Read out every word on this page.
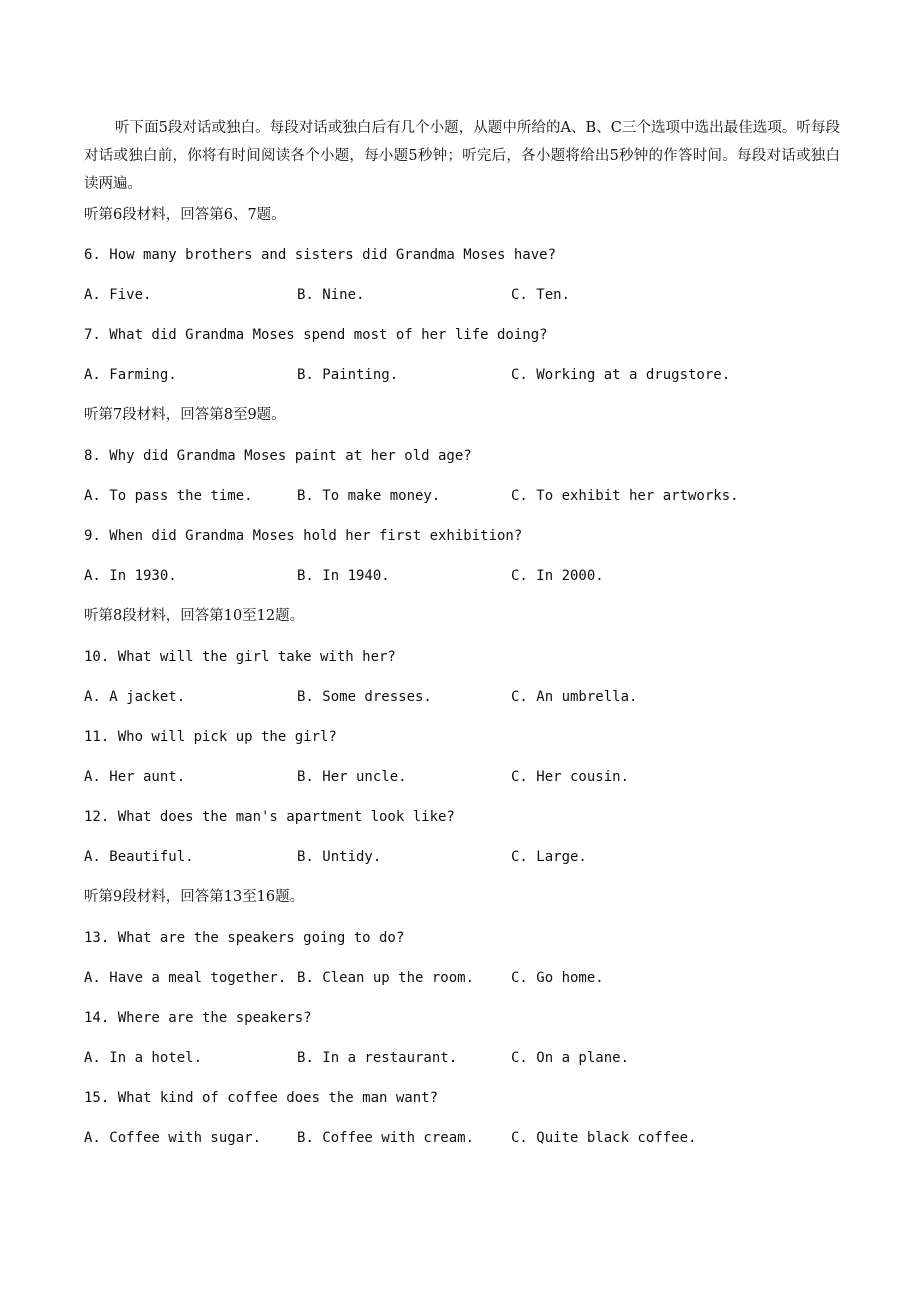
听下面5段对话或独白。每段对话或独白后有几个小题，从题中所给的A、B、C三个选项中选出最佳选项。听每段对话或独白前，你将有时间阅读各个小题，每小题5秒钟；听完后，各小题将给出5秒钟的作答时间。每段对话或独白读两遍。
听第6段材料，回答第6、7题。
6. How many brothers and sisters did Grandma Moses have?
A. Five.	B. Nine.	C. Ten.
7. What did Grandma Moses spend most of her life doing?
A. Farming.	B. Painting.	C. Working at a drugstore.
听第7段材料，回答第8至9题。
8. Why did Grandma Moses paint at her old age?
A. To pass the time.	B. To make money.	C. To exhibit her artworks.
9. When did Grandma Moses hold her first exhibition?
A. In 1930.	B. In 1940.	C. In 2000.
听第8段材料，回答第10至12题。
10. What will the girl take with her?
A. A jacket.	B. Some dresses.	C. An umbrella.
11. Who will pick up the girl?
A. Her aunt.	B. Her uncle.	C. Her cousin.
12. What does the man's apartment look like?
A. Beautiful.	B. Untidy.	C. Large.
听第9段材料，回答第13至16题。
13. What are the speakers going to do?
A. Have a meal together. B. Clean up the room.	C. Go home.
14. Where are the speakers?
A. In a hotel.	B. In a restaurant.	C. On a plane.
15. What kind of coffee does the man want?
A. Coffee with sugar.	B. Coffee with cream.	C. Quite black coffee.
